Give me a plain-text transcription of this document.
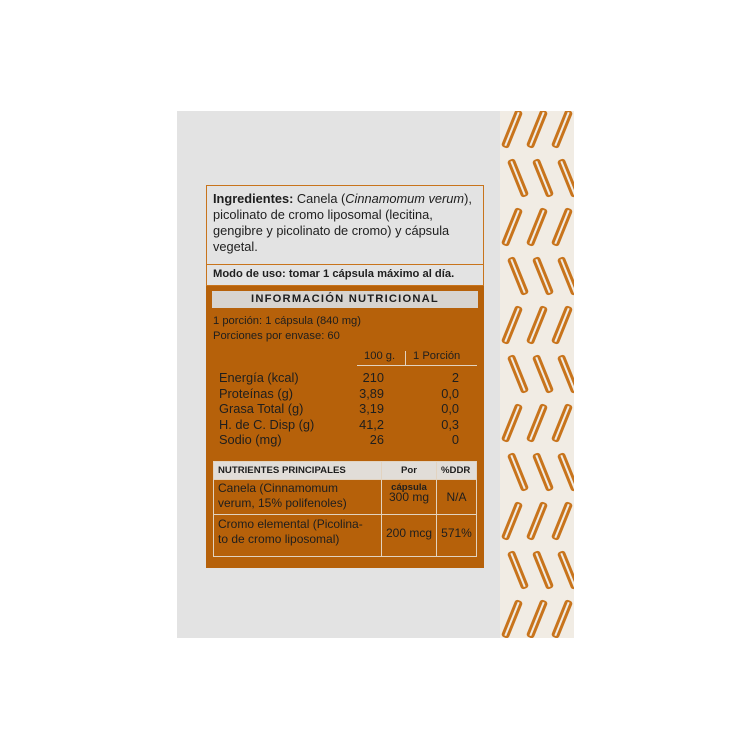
Ingredientes: Canela (Cinnamomum verum), picolinato de cromo liposomal (lecitina, gengibre y picolinato de cromo) y cápsula vegetal.
Modo de uso: tomar 1 cápsula máximo al día.
INFORMACIÓN NUTRICIONAL
1 porción: 1 cápsula (840 mg)
Porciones por envase: 60
100 g. 1 Porción
Energía (kcal)	210	2
Proteínas (g)	3,89	0,0
Grasa Total (g)	3,19	0,0
H. de C. Disp (g)	41,2	0,3
Sodio (mg)	26	0
NUTRIENTES PRINCIPALES	Por cápsula
%DDR
Canela (Cinnamomum
verum, 15% polifenoles)	300 mg	N/A
Cromo elemental (Picolina-
to de cromo liposomal)	200 mcg 571%
